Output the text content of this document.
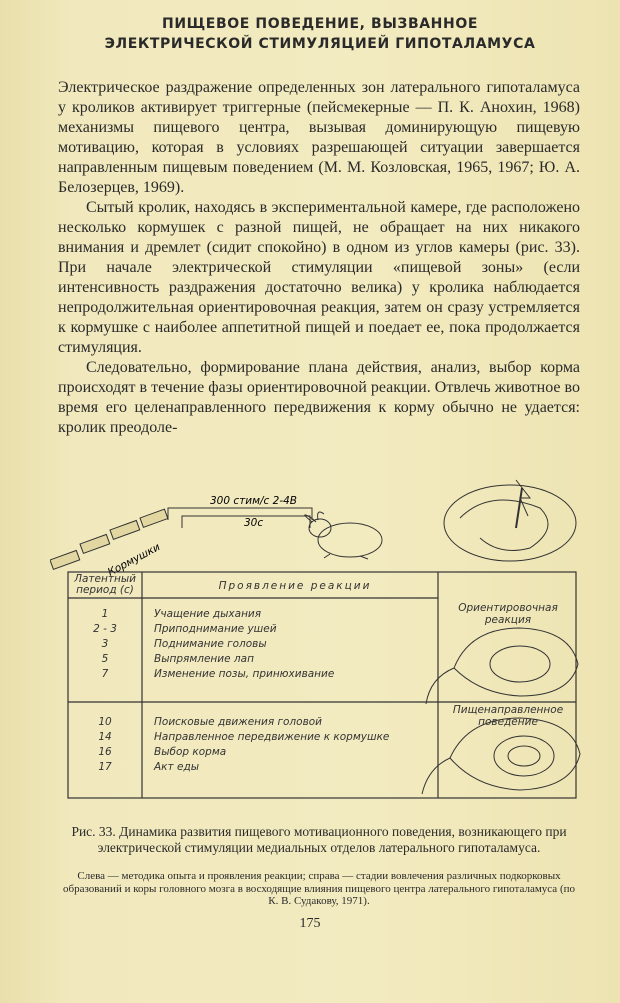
ПИЩЕВОЕ ПОВЕДЕНИЕ, ВЫЗВАННОЕ
ЭЛЕКТРИЧЕСКОЙ СТИМУЛЯЦИЕЙ ГИПОТАЛАМУСА

Электрическое раздражение определенных зон латерального гипоталамуса у кроликов активирует триггерные (пейсмекерные — П. К. Анохин, 1968) механизмы пищевого центра, вызывая доминирующую пищевую мотивацию, которая в условиях разрешающей ситуации завершается направленным пищевым поведением (М. М. Козловская, 1965, 1967; Ю. А. Белозерцев, 1969).

Сытый кролик, находясь в экспериментальной камере, где расположено несколько кормушек с разной пищей, не обращает на них никакого внимания и дремлет (сидит спокойно) в одном из углов камеры (рис. 33). При начале электрической стимуляции «пищевой зоны» (если интенсивность раздражения достаточно велика) у кролика наблюдается непродолжительная ориентировочная реакция, затем он сразу устремляется к кормушке с наиболее аппетитной пищей и поедает ее, пока продолжается стимуляция.

Следовательно, формирование плана действия, анализ, выбор корма происходят в течение фазы ориентировочной реакции. Отвлечь животное во время его целенаправленного передвижения к корму обычно не удается: кролик преодоле-

300 стим/с 2-4В
30с
Кормушки
Латентный период (с)	Проявление реакции
Ориентировочная реакция
Пищенаправленное поведение
1	Учащение дыхания
2 - 3	Приподнимание ушей
3	Поднимание головы
5	Выпрямление лап
7	Изменение позы, принюхивание
10	Поисковые движения головой
14	Направленное передвижение к кормушке
16	Выбор корма
17	Акт еды
Рис. 33. Динамика развития пищевого мотивационного поведения, возникающего при электрической стимуляции медиальных отделов латерального гипоталамуса.
Слева — методика опыта и проявления реакции; справа — стадии вовлечения различных подкорковых образований и коры головного мозга в восходящие влияния пищевого центра латерального гипоталамуса (по К. В. Судакову, 1971).
175
